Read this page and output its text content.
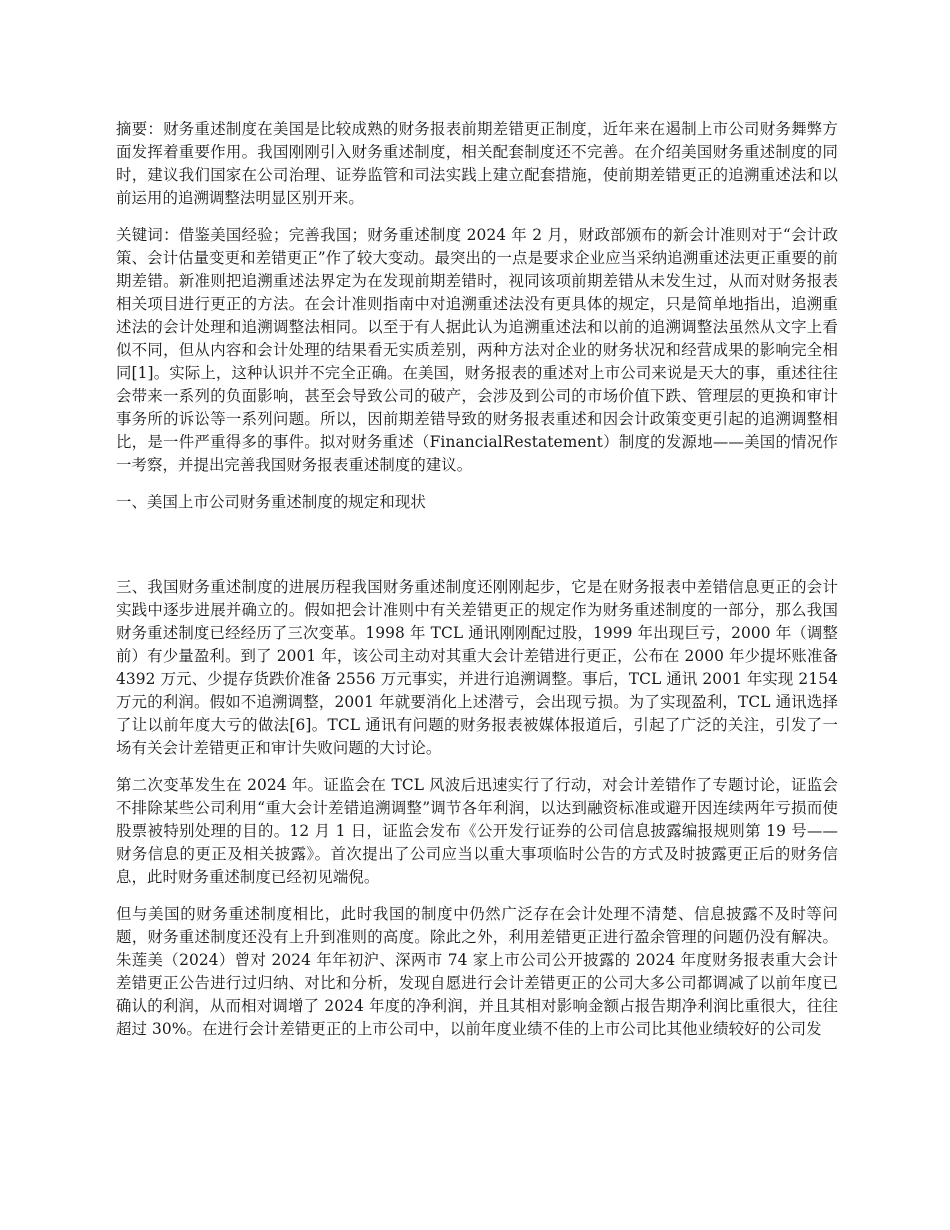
摘要：财务重述制度在美国是比较成熟的财务报表前期差错更正制度，近年来在遏制上市公司财务舞弊方面发挥着重要作用。我国刚刚引入财务重述制度，相关配套制度还不完善。在介绍美国财务重述制度的同时，建议我们国家在公司治理、证券监管和司法实践上建立配套措施，使前期差错更正的追溯重述法和以前运用的追溯调整法明显区别开来。

关键词：借鉴美国经验；完善我国；财务重述制度 2024 年 2 月，财政部颁布的新会计准则对于“会计政策、会计估量变更和差错更正”作了较大变动。最突出的一点是要求企业应当采纳追溯重述法更正重要的前期差错。新准则把追溯重述法界定为在发现前期差错时，视同该项前期差错从未发生过，从而对财务报表相关项目进行更正的方法。在会计准则指南中对追溯重述法没有更具体的规定，只是简单地指出，追溯重述法的会计处理和追溯调整法相同。以至于有人据此认为追溯重述法和以前的追溯调整法虽然从文字上看似不同，但从内容和会计处理的结果看无实质差别，两种方法对企业的财务状况和经营成果的影响完全相同[1]。实际上，这种认识并不完全正确。在美国，财务报表的重述对上市公司来说是天大的事，重述往往会带来一系列的负面影响，甚至会导致公司的破产，会涉及到公司的市场价值下跌、管理层的更换和审计事务所的诉讼等一系列问题。所以，因前期差错导致的财务报表重述和因会计政策变更引起的追溯调整相比，是一件严重得多的事件。拟对财务重述（FinancialRestatement）制度的发源地——美国的情况作一考察，并提出完善我国财务报表重述制度的建议。

一、美国上市公司财务重述制度的规定和现状

三、我国财务重述制度的进展历程我国财务重述制度还刚刚起步，它是在财务报表中差错信息更正的会计实践中逐步进展并确立的。假如把会计准则中有关差错更正的规定作为财务重述制度的一部分，那么我国财务重述制度已经经历了三次变革。1998 年 TCL 通讯刚刚配过股，1999 年出现巨亏，2000 年（调整前）有少量盈利。到了 2001 年，该公司主动对其重大会计差错进行更正，公布在 2000 年少提坏账准备 4392 万元、少提存货跌价准备 2556 万元事实，并进行追溯调整。事后，TCL 通讯 2001 年实现 2154 万元的利润。假如不追溯调整，2001 年就要消化上述潜亏，会出现亏损。为了实现盈利，TCL 通讯选择了让以前年度大亏的做法[6]。TCL 通讯有问题的财务报表被媒体报道后，引起了广泛的关注，引发了一场有关会计差错更正和审计失败问题的大讨论。

第二次变革发生在 2024 年。证监会在 TCL 风波后迅速实行了行动，对会计差错作了专题讨论，证监会不排除某些公司利用“重大会计差错追溯调整”调节各年利润，以达到融资标准或避开因连续两年亏损而使股票被特别处理的目的。12 月 1 日，证监会发布《公开发行证券的公司信息披露编报规则第 19 号——财务信息的更正及相关披露》。首次提出了公司应当以重大事项临时公告的方式及时披露更正后的财务信息，此时财务重述制度已经初见端倪。

但与美国的财务重述制度相比，此时我国的制度中仍然广泛存在会计处理不清楚、信息披露不及时等问题，财务重述制度还没有上升到准则的高度。除此之外，利用差错更正进行盈余管理的问题仍没有解决。朱莲美（2024）曾对 2024 年年初沪、深两市 74 家上市公司公开披露的 2024 年度财务报表重大会计差错更正公告进行过归纳、对比和分析，发现自愿进行会计差错更正的公司大多公司都调减了以前年度已确认的利润，从而相对调增了 2024 年度的净利润，并且其相对影响金额占报告期净利润比重很大，往往超过 30%。在进行会计差错更正的上市公司中，以前年度业绩不佳的上市公司比其他业绩较好的公司发
